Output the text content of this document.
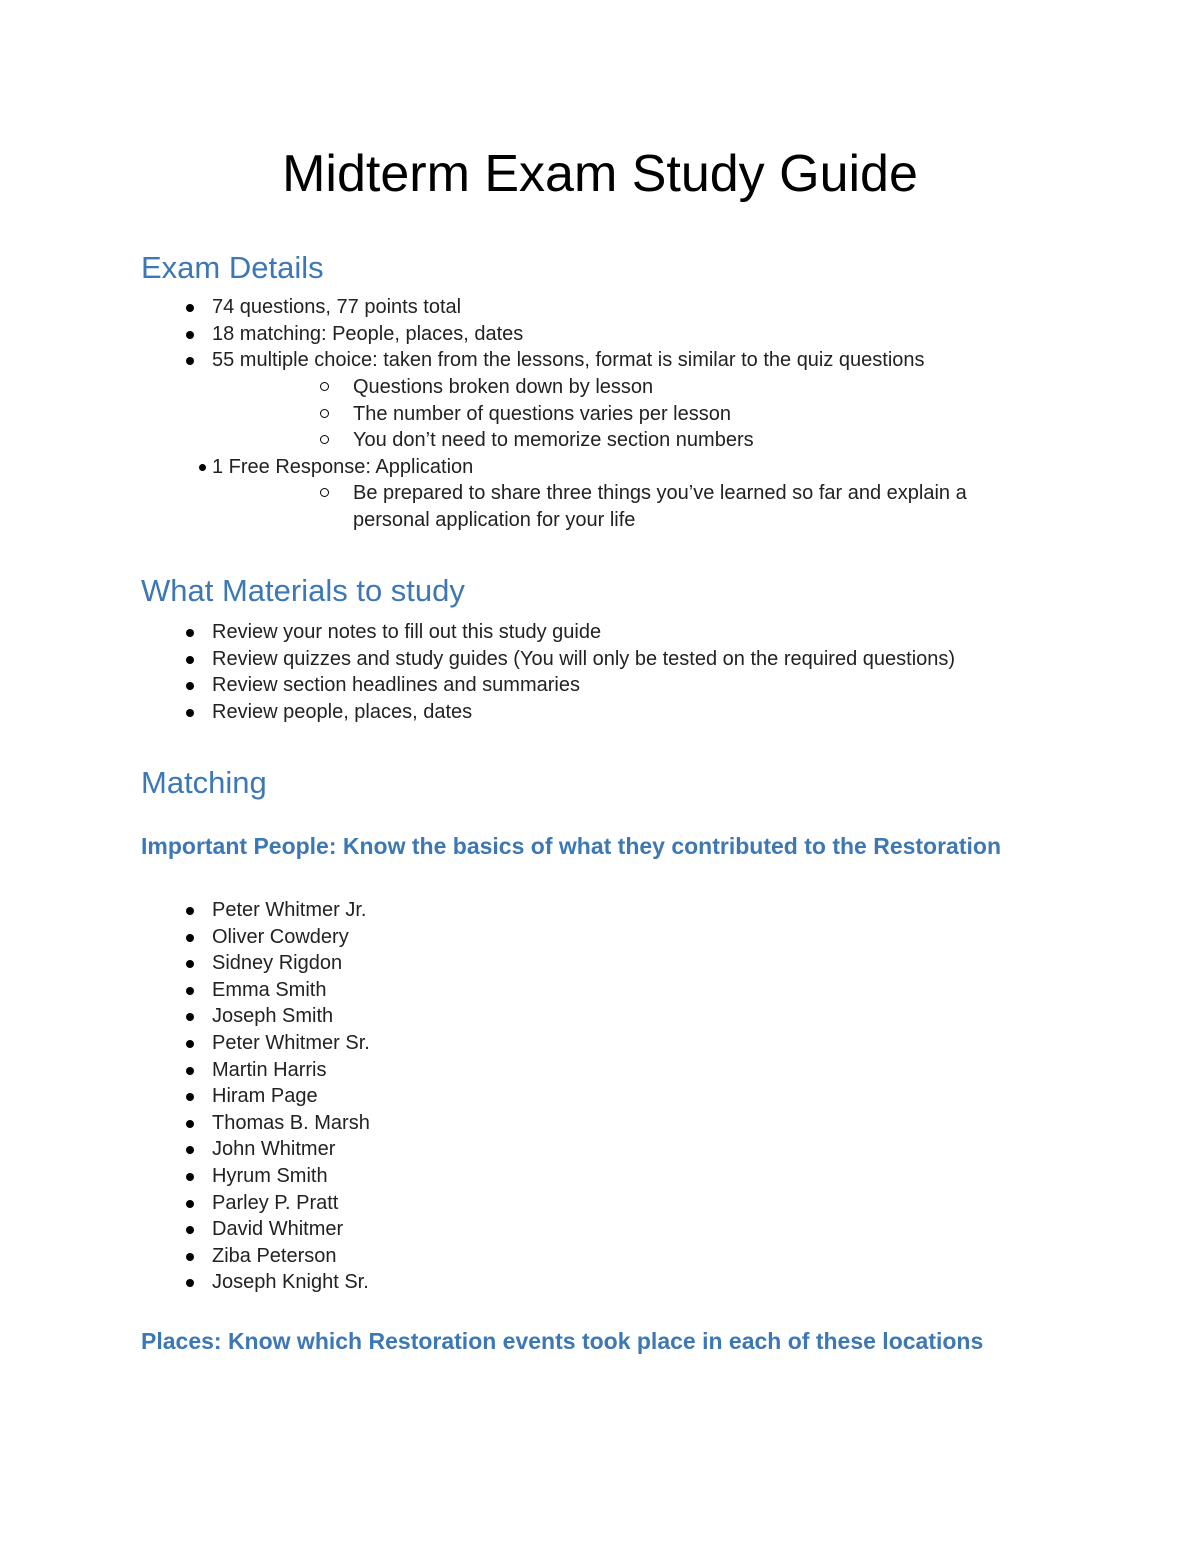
Midterm Exam Study Guide
Exam Details
74 questions, 77 points total
18 matching: People, places, dates
55 multiple choice: taken from the lessons, format is similar to the quiz questions
Questions broken down by lesson
The number of questions varies per lesson
You don’t need to memorize section numbers
1 Free Response: Application
Be prepared to share three things you’ve learned so far and explain a personal application for your life
What Materials to study
Review your notes to fill out this study guide
Review quizzes and study guides (You will only be tested on the required questions)
Review section headlines and summaries
Review people, places, dates
Matching
Important People: Know the basics of what they contributed to the Restoration
Peter Whitmer Jr.
Oliver Cowdery
Sidney Rigdon
Emma Smith
Joseph Smith
Peter Whitmer Sr.
Martin Harris
Hiram Page
Thomas B. Marsh
John Whitmer
Hyrum Smith
Parley P. Pratt
David Whitmer
Ziba Peterson
Joseph Knight Sr.
Places: Know which Restoration events took place in each of these locations
